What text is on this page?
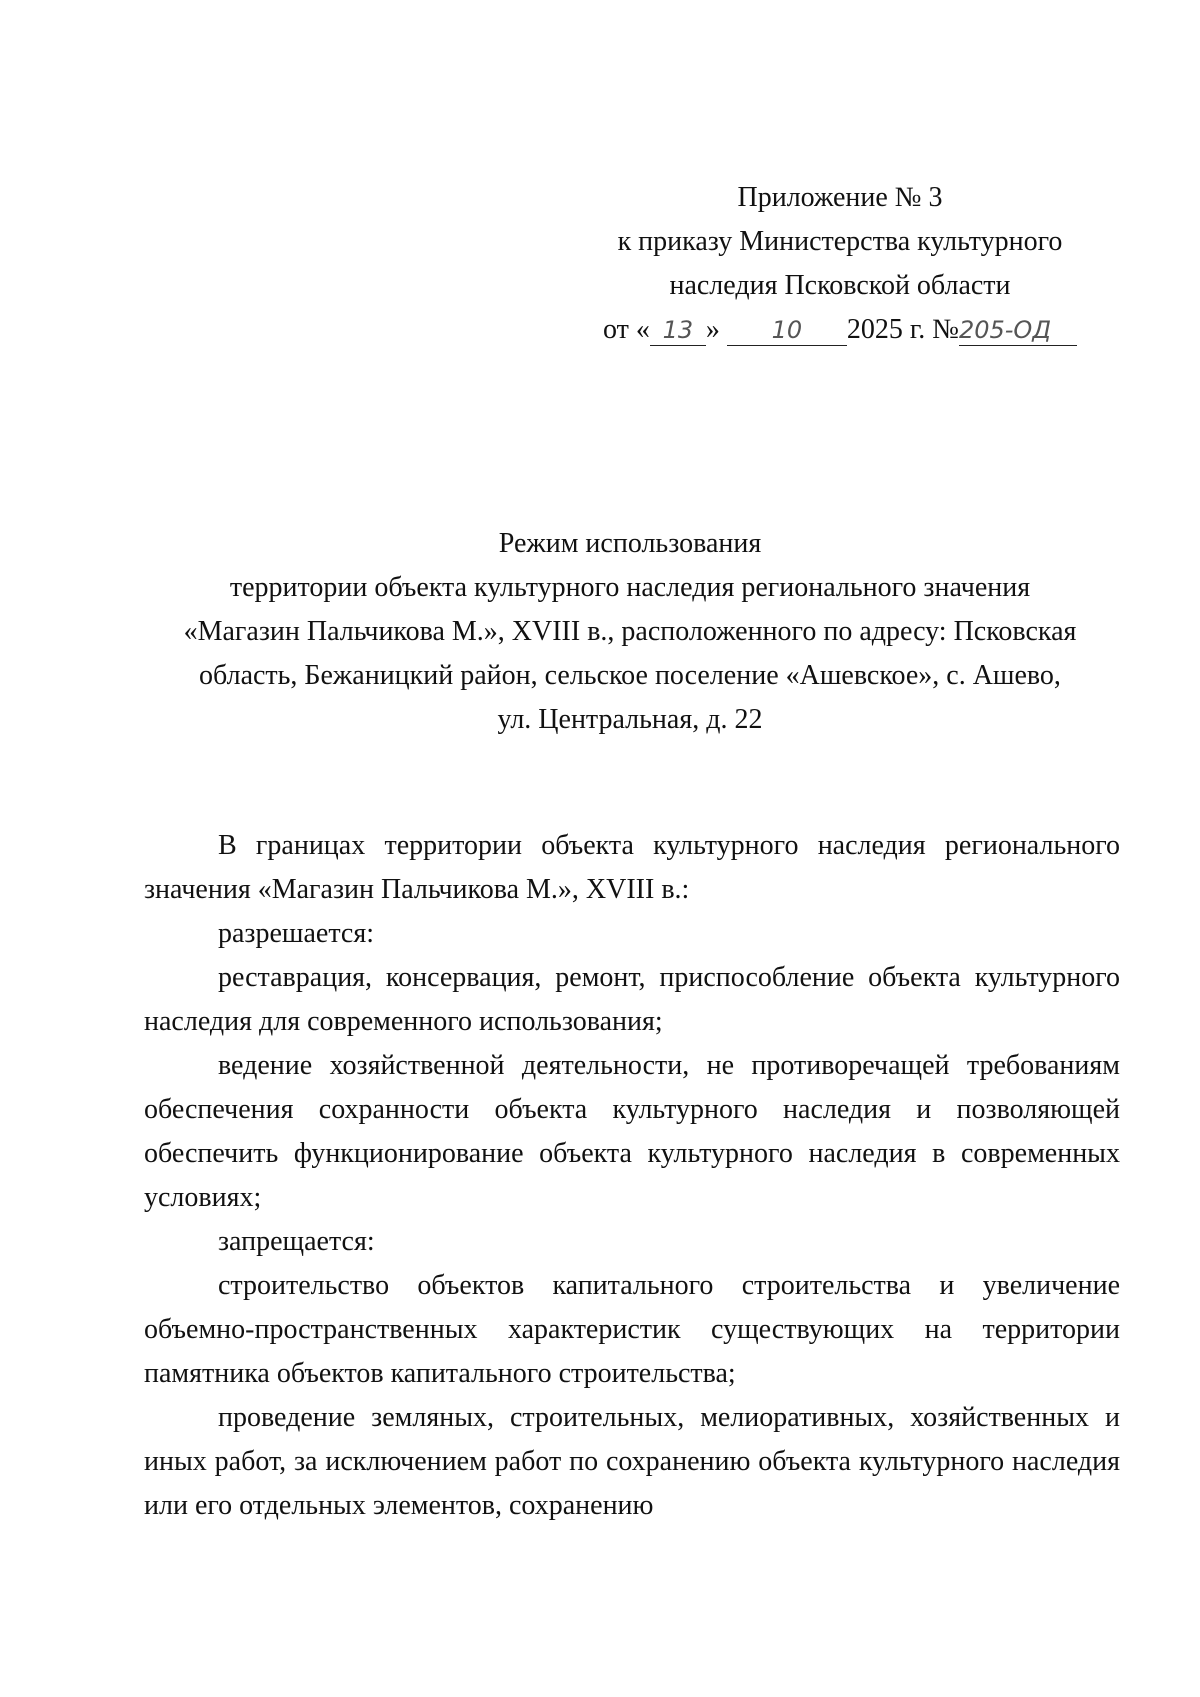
Приложение № 3
к приказу Министерства культурного
наследия Псковской области
от « 13 » 10 2025 г. №205-ОД
Режим использования
территории объекта культурного наследия регионального значения
«Магазин Пальчикова М.», XVIII в., расположенного по адресу: Псковская
область, Бежаницкий район, сельское поселение «Ашевское», с. Ашево,
ул. Центральная, д. 22

В границах территории объекта культурного наследия регионального значения «Магазин Пальчикова М.», XVIII в.:

разрешается:

реставрация, консервация, ремонт, приспособление объекта культурного наследия для современного использования;

ведение хозяйственной деятельности, не противоречащей требованиям обеспечения сохранности объекта культурного наследия и позволяющей обеспечить функционирование объекта культурного наследия в современных условиях;

запрещается:

строительство объектов капитального строительства и увеличение объемно-пространственных характеристик существующих на территории памятника объектов капитального строительства;

проведение земляных, строительных, мелиоративных, хозяйственных и иных работ, за исключением работ по сохранению объекта культурного наследия или его отдельных элементов, сохранению
